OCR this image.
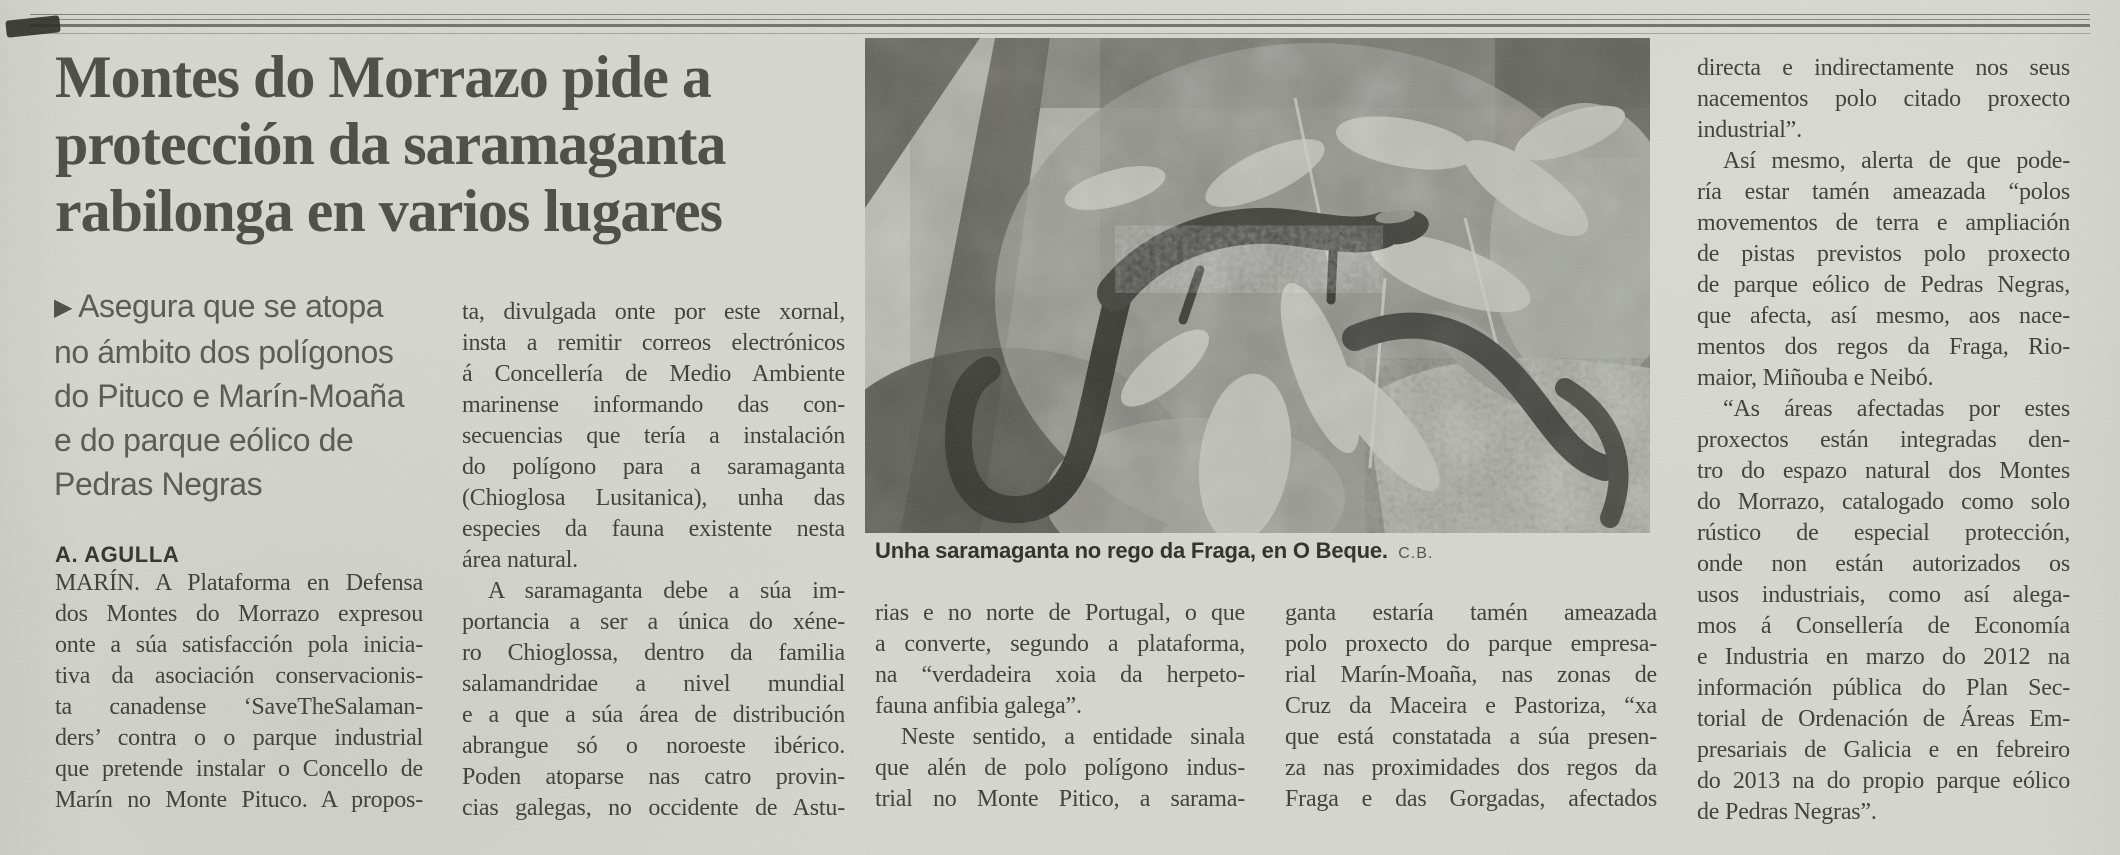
Montes do Morrazo pide a
protección da saramaganta
rabilonga en varios lugares
▶ Asegura que se atopa
no ámbito dos polígonos
do Pituco e Marín-Moaña
e do parque eólico de
Pedras Negras
A. AGULLA
MARÍN. A Plataforma en Defensa
dos Montes do Morrazo expresou
onte a súa satisfacción pola inicia-
tiva da asociación conservacionis-
ta canadense ‘SaveTheSalaman-
ders’ contra o o parque industrial
que pretende instalar o Concello de
Marín no Monte Pituco. A propos-
ta, divulgada onte por este xornal,
insta a remitir correos electrónicos
á Concellería de Medio Ambiente
marinense informando das con-
secuencias que tería a instalación
do polígono para a saramaganta
(Chioglosa Lusitanica), unha das
especies da fauna existente nesta
área natural.
A saramaganta debe a súa im-
portancia a ser a única do xéne-
ro Chioglossa, dentro da familia
salamandridae a nivel mundial
e a que a súa área de distribución
abrangue só o noroeste ibérico.
Poden atoparse nas catro provin-
cias galegas, no occidente de Astu-
rias e no norte de Portugal, o que
a converte, segundo a plataforma,
na “verdadeira xoia da herpeto-
fauna anfibia galega”.
Neste sentido, a entidade sinala
que alén de polo polígono indus-
trial no Monte Pitico, a sarama-
ganta estaría tamén ameazada
polo proxecto do parque empresa-
rial Marín-Moaña, nas zonas de
Cruz da Maceira e Pastoriza, “xa
que está constatada a súa presen-
za nas proximidades dos regos da
Fraga e das Gorgadas, afectados
directa e indirectamente nos seus
nacementos polo citado proxecto
industrial”.
Así mesmo, alerta de que pode-
ría estar tamén ameazada “polos
movementos de terra e ampliación
de pistas previstos polo proxecto
de parque eólico de Pedras Negras,
que afecta, así mesmo, aos nace-
mentos dos regos da Fraga, Rio-
maior, Miñouba e Neibó.
“As áreas afectadas por estes
proxectos están integradas den-
tro do espazo natural dos Montes
do Morrazo, catalogado como solo
rústico de especial protección,
onde non están autorizados os
usos industriais, como así alega-
mos á Consellería de Economía
e Industria en marzo do 2012 na
información pública do Plan Sec-
torial de Ordenación de Áreas Em-
presariais de Galicia e en febreiro
do 2013 na do propio parque eólico
de Pedras Negras”.
Unha saramaganta no rego da Fraga, en O Beque. C.B.
